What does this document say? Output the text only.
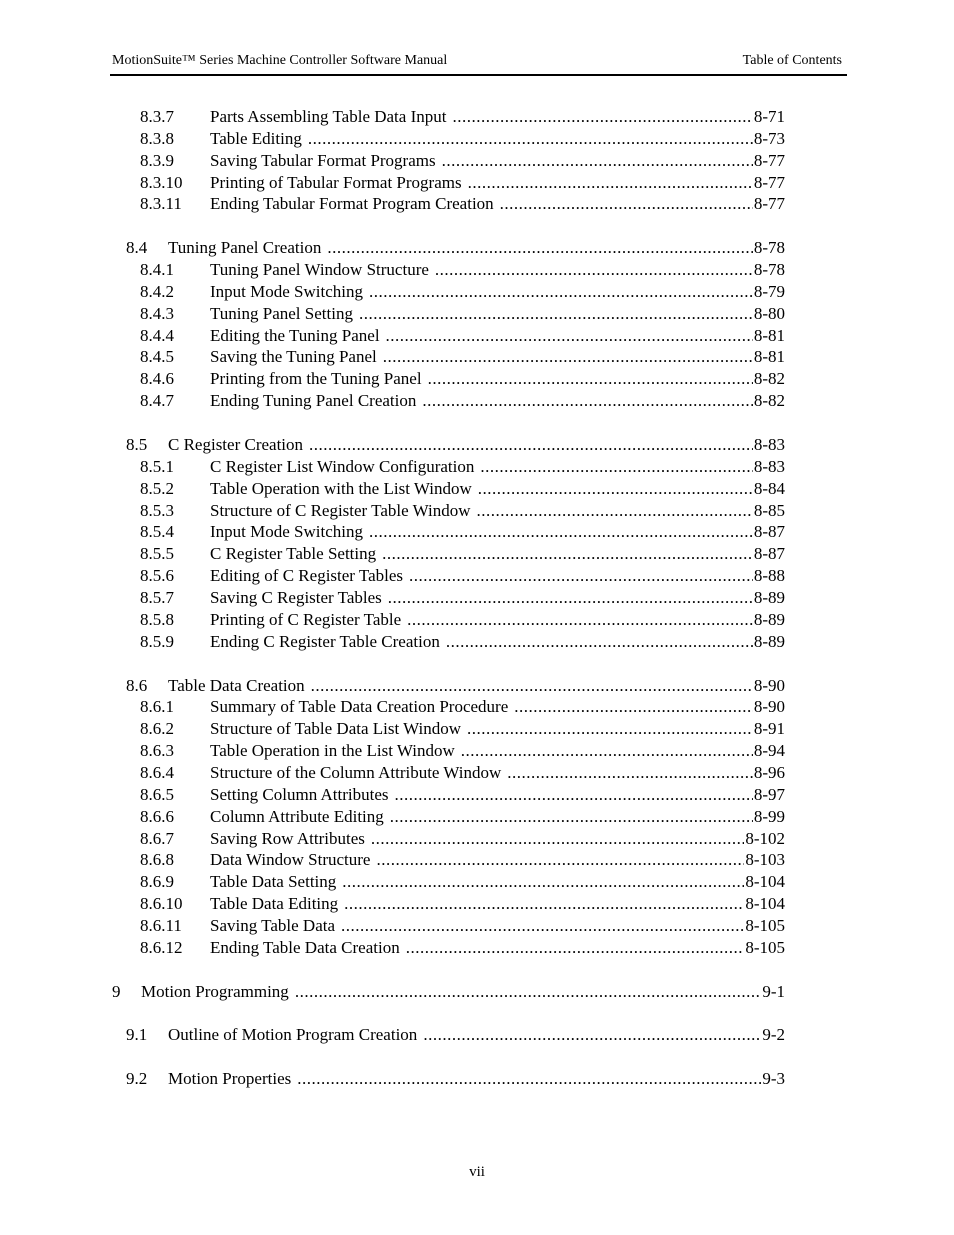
MotionSuite™ Series Machine Controller Software Manual	Table of Contents
8.3.7	Parts Assembling Table Data Input .....	8-71
8.3.8	Table Editing .....	8-73
8.3.9	Saving Tabular Format Programs .....	8-77
8.3.10	Printing of Tabular Format Programs .....	8-77
8.3.11	Ending Tabular Format Program Creation .....	8-77
8.4	Tuning Panel Creation .....	8-78
8.4.1	Tuning Panel Window Structure .....	8-78
8.4.2	Input Mode Switching .....	8-79
8.4.3	Tuning Panel Setting .....	8-80
8.4.4	Editing the Tuning Panel .....	8-81
8.4.5	Saving the Tuning Panel .....	8-81
8.4.6	Printing from the Tuning Panel .....	8-82
8.4.7	Ending Tuning Panel Creation .....	8-82
8.5	C Register Creation .....	8-83
8.5.1	C Register List Window Configuration .....	8-83
8.5.2	Table Operation with the List Window .....	8-84
8.5.3	Structure of C Register Table Window .....	8-85
8.5.4	Input Mode Switching .....	8-87
8.5.5	C Register Table Setting .....	8-87
8.5.6	Editing of C Register Tables .....	8-88
8.5.7	Saving C Register Tables .....	8-89
8.5.8	Printing of C Register Table .....	8-89
8.5.9	Ending C Register Table Creation .....	8-89
8.6	Table Data Creation .....	8-90
8.6.1	Summary of Table Data Creation Procedure .....	8-90
8.6.2	Structure of Table Data List Window .....	8-91
8.6.3	Table Operation in the List Window .....	8-94
8.6.4	Structure of the Column Attribute Window .....	8-96
8.6.5	Setting Column Attributes .....	8-97
8.6.6	Column Attribute Editing .....	8-99
8.6.7	Saving Row Attributes .....	8-102
8.6.8	Data Window Structure .....	8-103
8.6.9	Table Data Setting .....	8-104
8.6.10	Table Data Editing .....	8-104
8.6.11	Saving Table Data .....	8-105
8.6.12	Ending Table Data Creation .....	8-105
9	Motion Programming .....	9-1
9.1	Outline of Motion Program Creation .....	9-2
9.2	Motion Properties .....	9-3
vii
